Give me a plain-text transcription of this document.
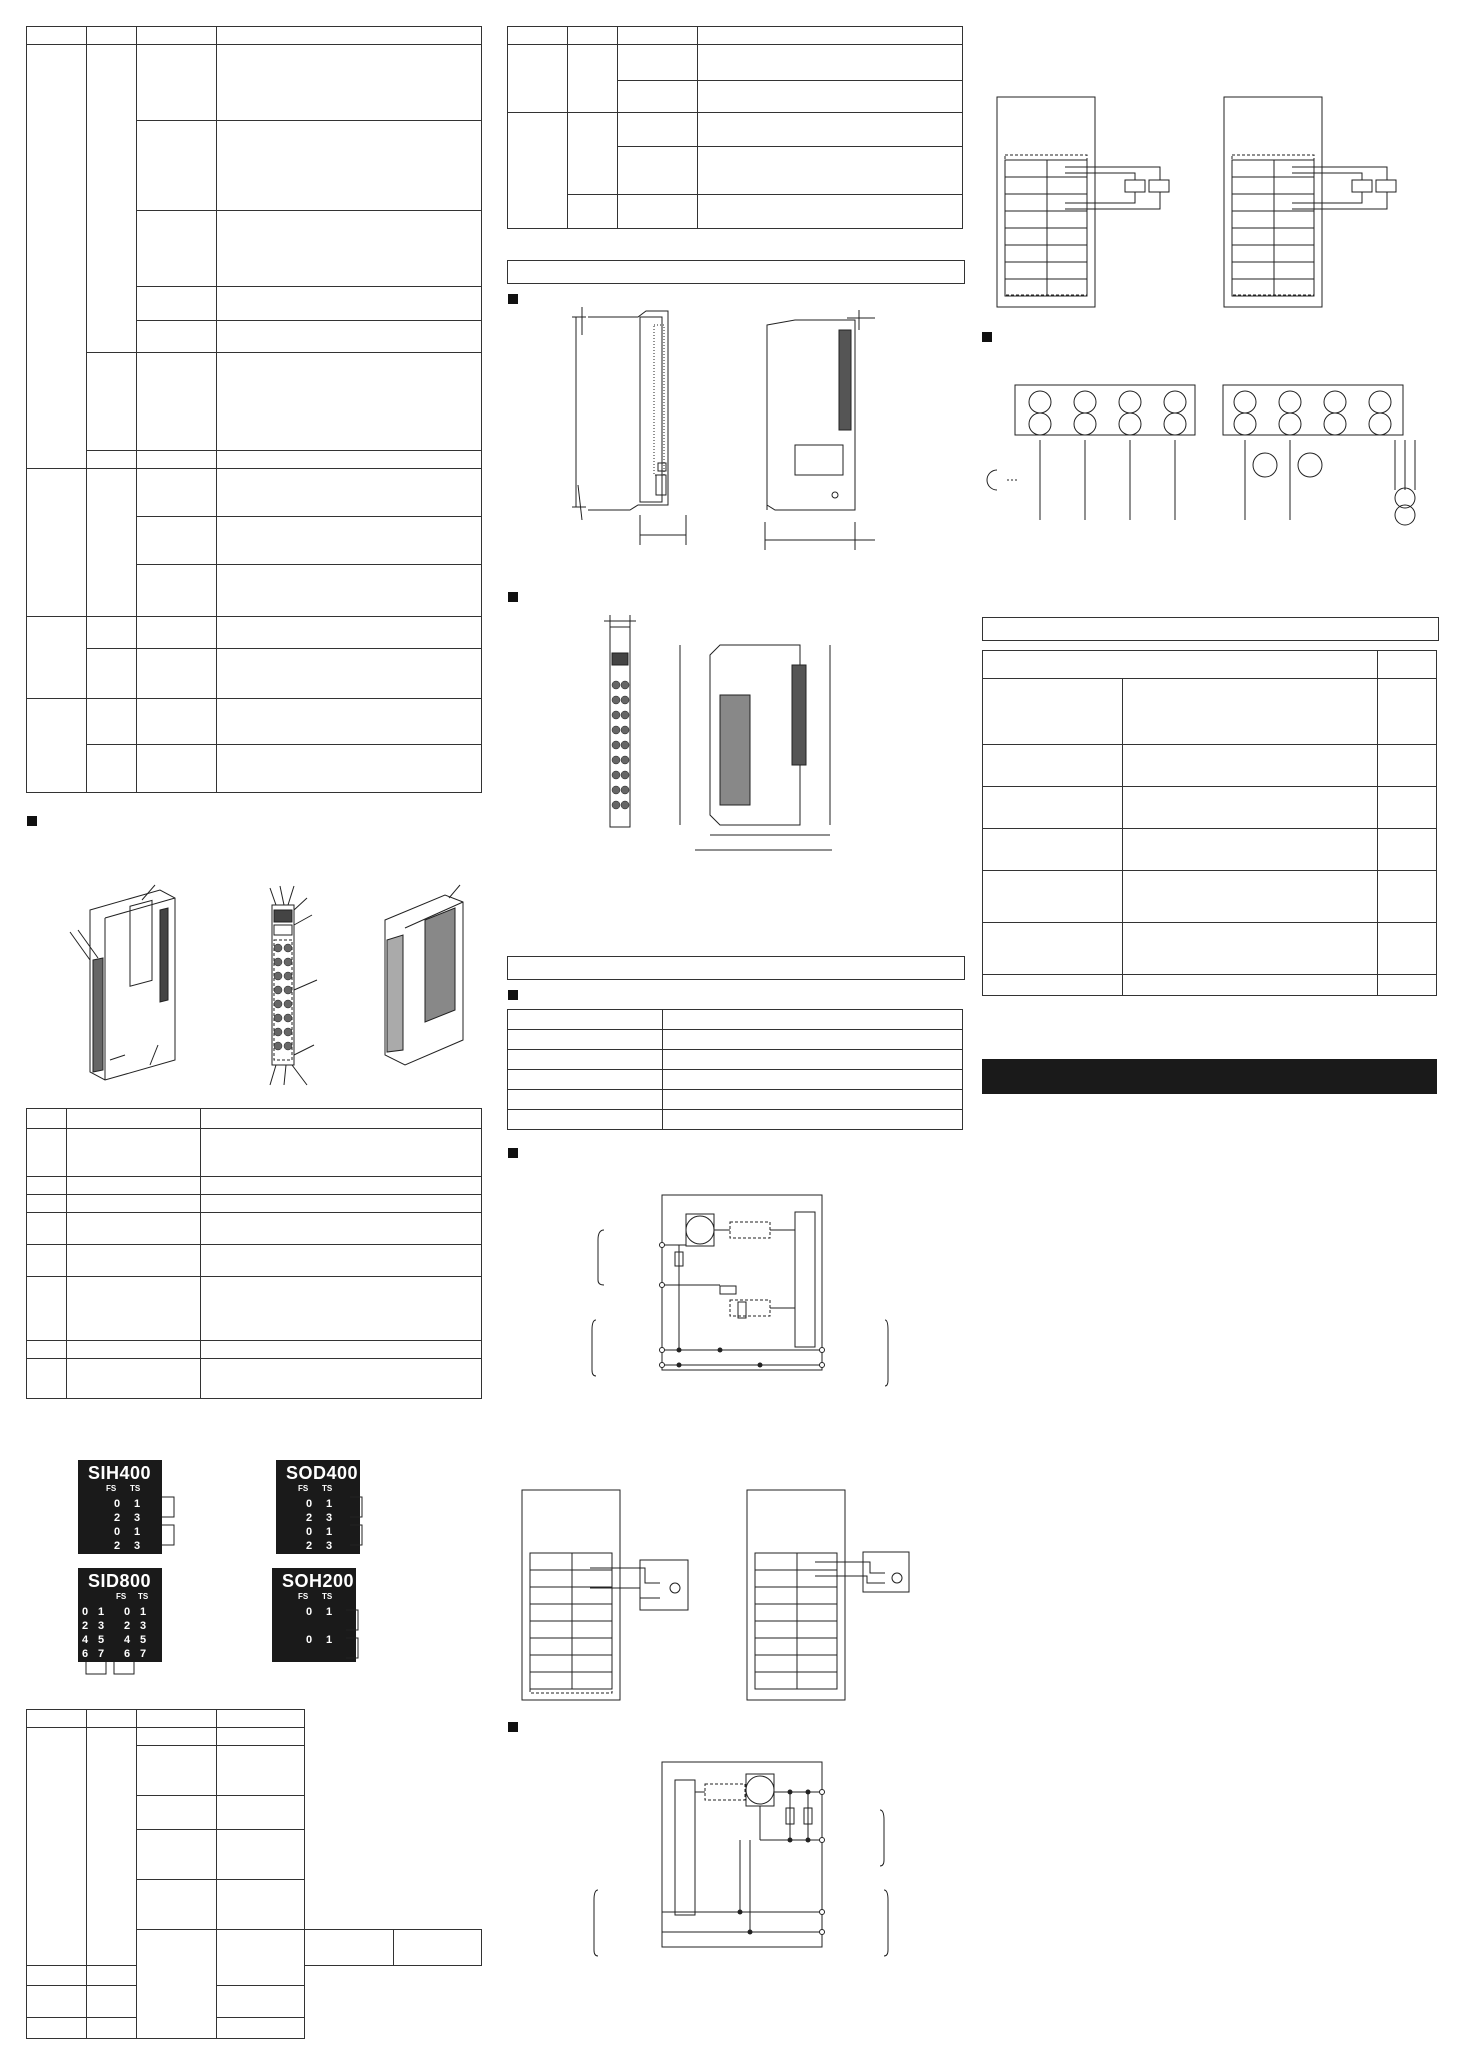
SIH400
FS TS
0 1
2 3
0 1
2 3
SOD400
FS TS
0 1
2 3
0 1
2 3
SID800
FS TS
0 1 0 1
2 3 2 3
4 5 4 5
6 7 6 7
SOH200
FS TS
0 1
0 1
